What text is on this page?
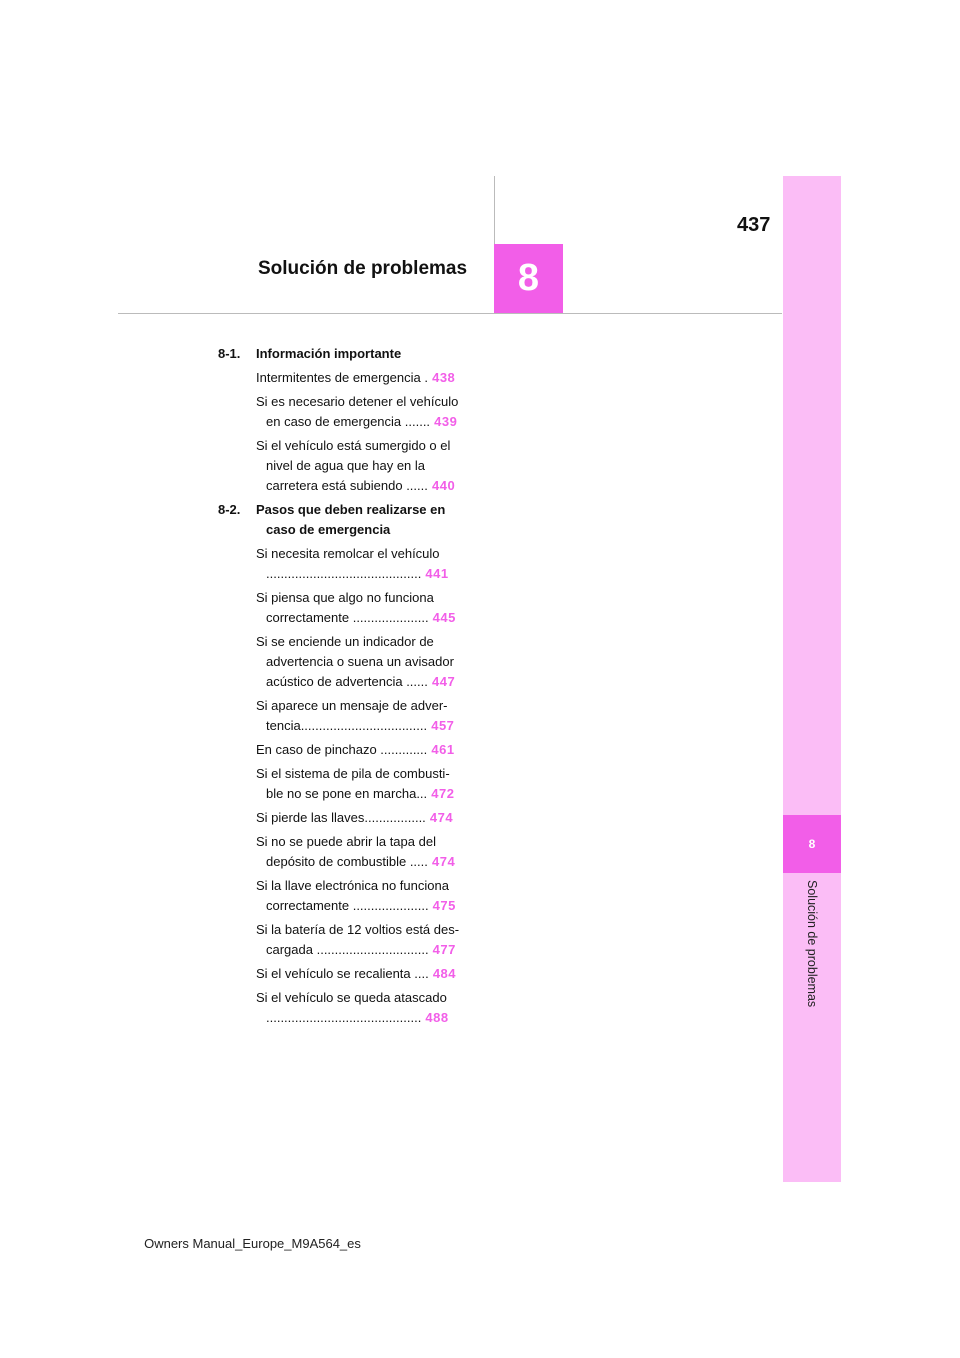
8
Solución de problemas
437
Solución de problemas	8
8-1. Información importante
Intermitentes de emergencia . 438
Si es necesario detener el vehículo
en caso de emergencia ....... 439
Si el vehículo está sumergido o el
nivel de agua que hay en la
carretera está subiendo ...... 440
8-2. Pasos que deben realizarse en
caso de emergencia
Si necesita remolcar el vehículo
........................................... 441
Si piensa que algo no funciona
correctamente ..................... 445
Si se enciende un indicador de
advertencia o suena un avisador
acústico de advertencia ...... 447
Si aparece un mensaje de adver-
tencia................................... 457
En caso de pinchazo ............. 461
Si el sistema de pila de combusti-
ble no se pone en marcha... 472
Si pierde las llaves................. 474
Si no se puede abrir la tapa del
depósito de combustible ..... 474
Si la llave electrónica no funciona
correctamente ..................... 475
Si la batería de 12 voltios está des-
cargada ............................... 477
Si el vehículo se recalienta .... 484
Si el vehículo se queda atascado
........................................... 488
Owners Manual_Europe_M9A564_es
